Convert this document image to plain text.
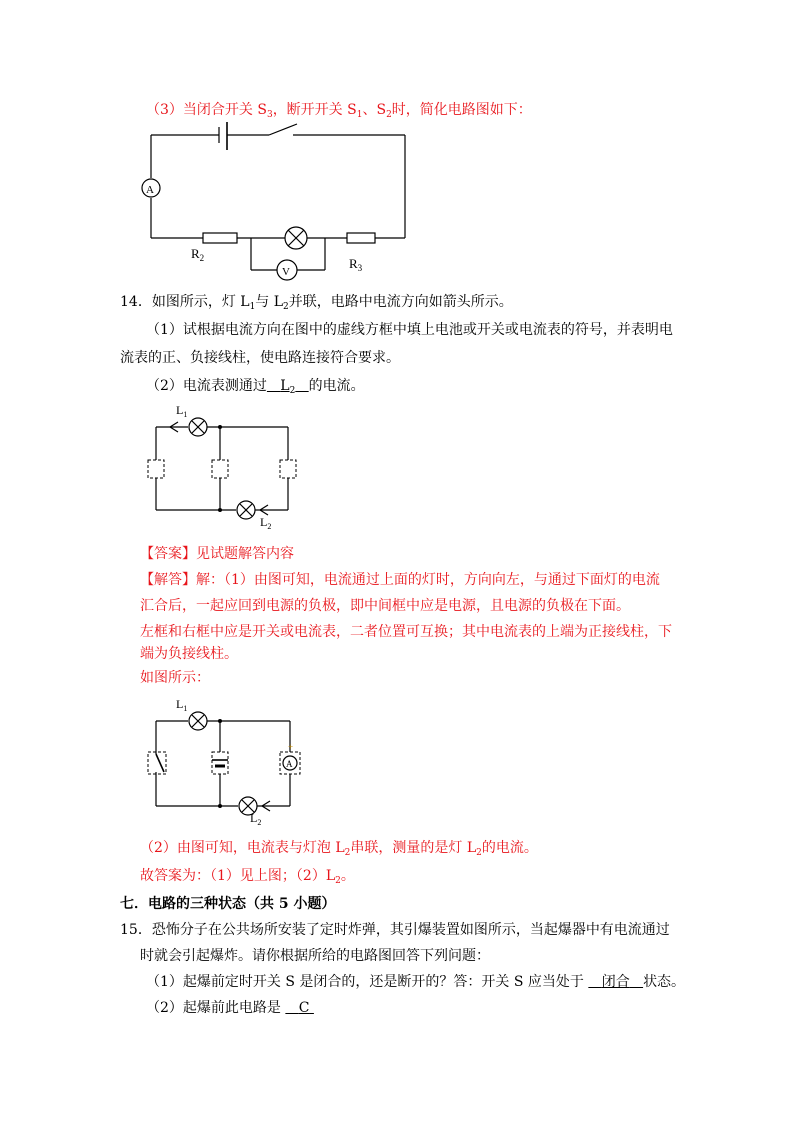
（3）当闭合开关 $S_3$，断开开关 $S_1$、$S_2$时，简化电路图如下：
A
V
$R_2$	$R_3$
14．如图所示，灯 $L_1$与 $L_2$并联，电路中电流方向如箭头所示。
（1）试根据电流方向在图中的虚线方框中填上电池或开关或电流表的符号，并表明电
流表的正、负接线柱，使电路连接符合要求。
（2）电流表测通过 $L_2$ 的电流。
$L_1$
$L_2$
【答案】见试题解答内容
【解答】解：（1）由图可知，电流通过上面的灯时，方向向左，与通过下面灯的电流
汇合后，一起应回到电源的负极，即中间框中应是电源，且电源的负极在下面。
左框和右框中应是开关或电流表，二者位置可互换；其中电流表的上端为正接线柱，下
端为负接线柱。
如图所示：
A
+
$L_1$
$L_2$
（2）由图可知，电流表与灯泡 $L_2$串联，测量的是灯 $L_2$的电流。
故答案为：（1）见上图；$(2)L_2$。
七．电路的三种状态（共 5 小题）
15．恐怖分子在公共场所安装了定时炸弹，其引爆装置如图所示，当起爆器中有电流通过
时就会引起爆炸。请你根据所给的电路图回答下列问题：
（1）起爆前定时开关 S 是闭合的，还是断开的？答：开关 S 应当处于 闭合 状态。
（2）起爆前此电路是 C
